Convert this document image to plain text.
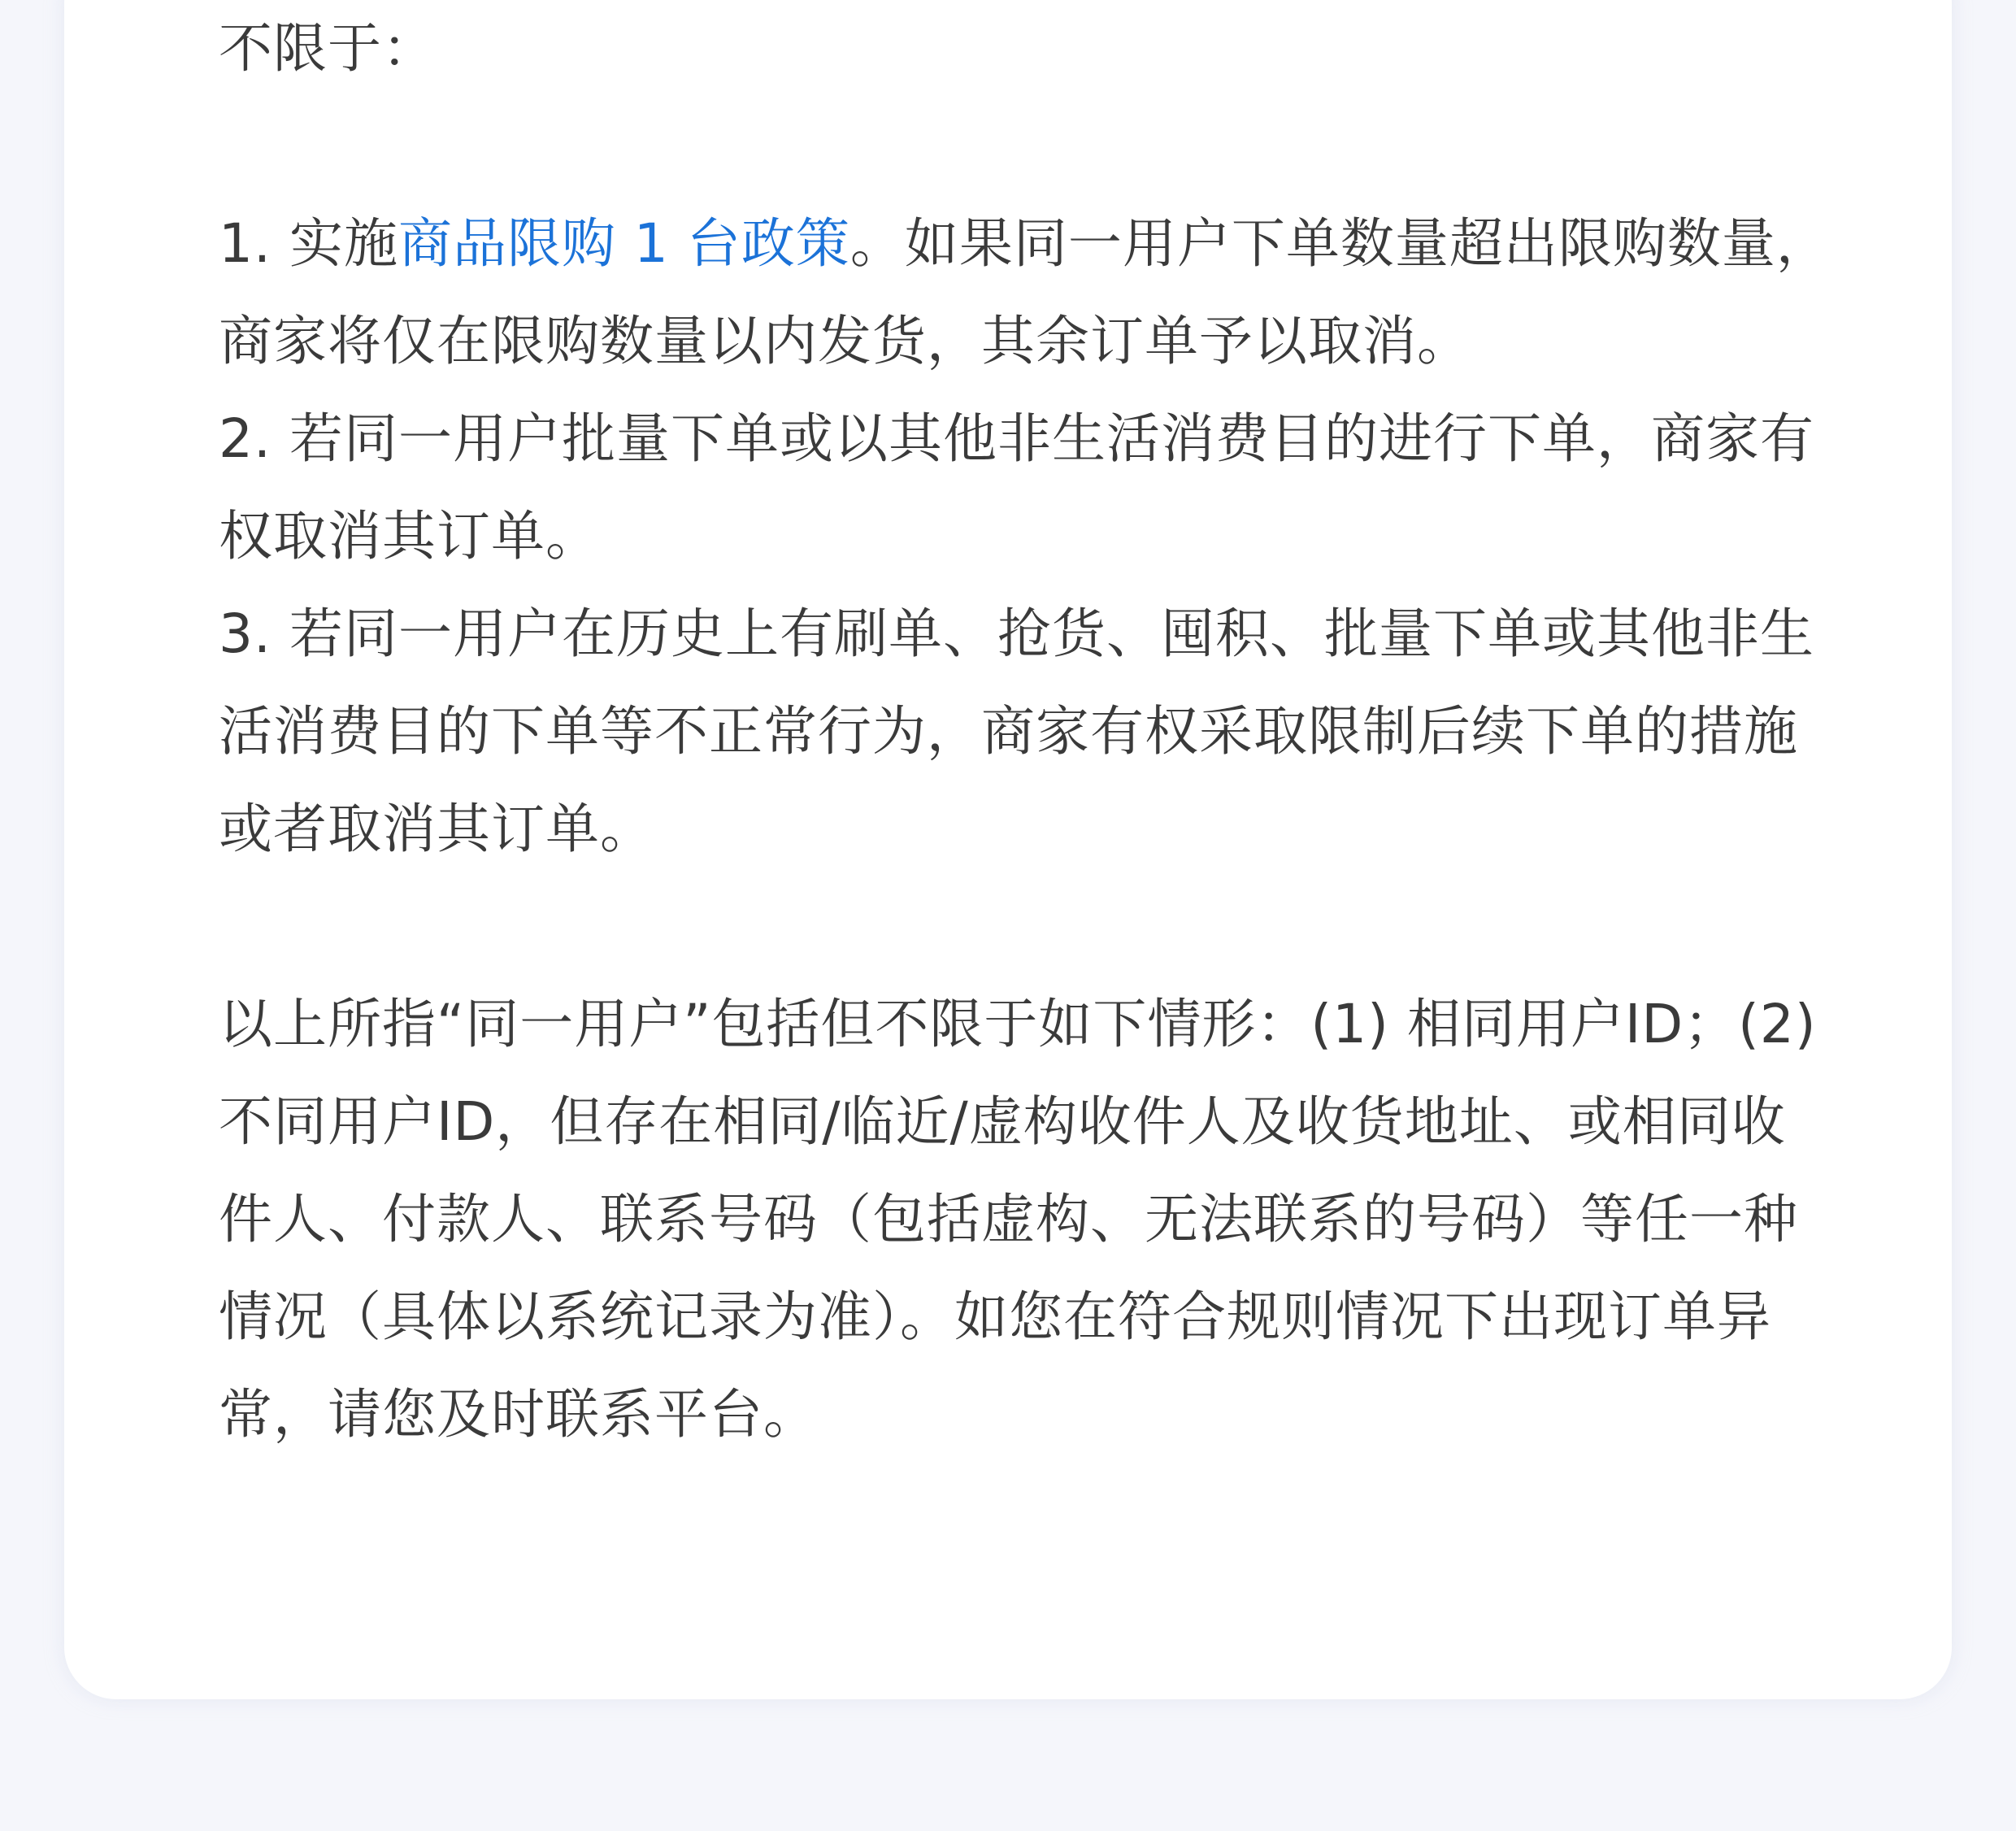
不限于：
1. 实施商品限购 1 台政策。如果同一用户下单数量超出限购数量，
商家将仅在限购数量以内发货，其余订单予以取消。
2. 若同一用户批量下单或以其他非生活消费目的进行下单，商家有
权取消其订单。
3. 若同一用户在历史上有刷单、抢货、囤积、批量下单或其他非生
活消费目的下单等不正常行为，商家有权采取限制后续下单的措施
或者取消其订单。
以上所指“同一用户”包括但不限于如下情形：(1) 相同用户ID；(2)
不同用户ID，但存在相同/临近/虚构收件人及收货地址、或相同收
件人、付款人、联系号码（包括虚构、无法联系的号码）等任一种
情况（具体以系统记录为准）。如您在符合规则情况下出现订单异
常，请您及时联系平台。
